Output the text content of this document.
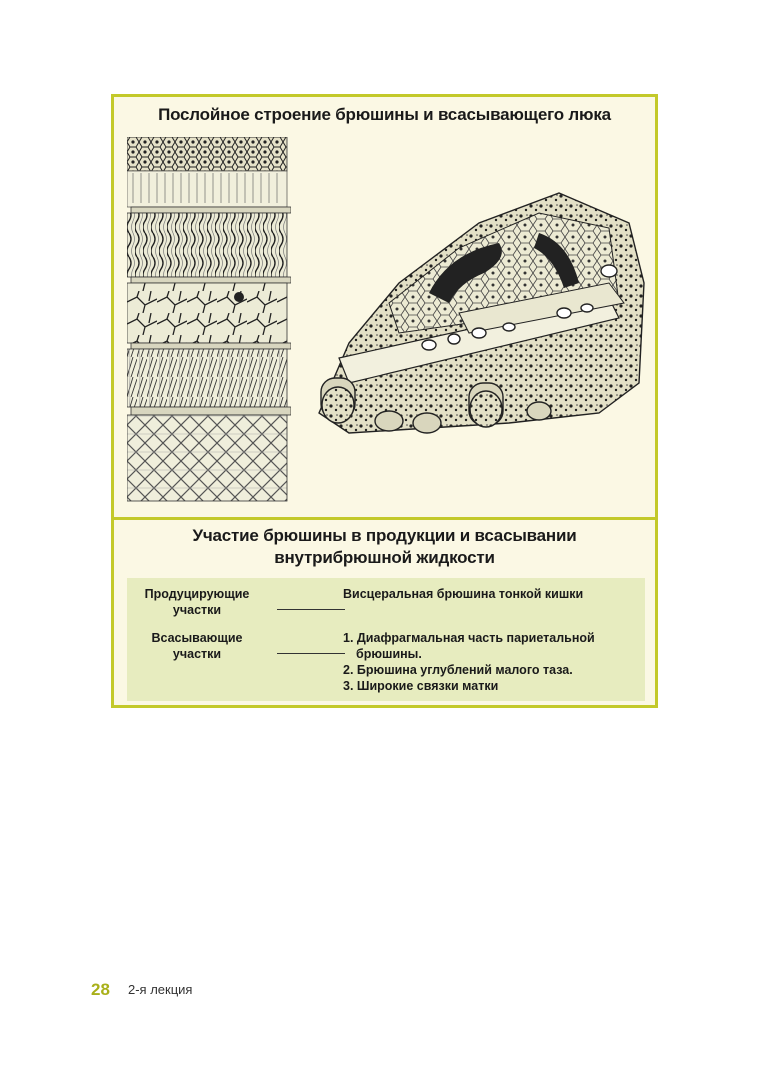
Послойное строение брюшины и всасывающего люка
Участие брюшины в продукции и всасывании внутрибрюшной жидкости
Продуцирующие участки
Висцеральная брюшина тонкой кишки
Всасывающие участки
1. Диафрагмальная часть париетальной брюшины.
2. Брюшина углублений малого таза.
3. Широкие связки матки
28 2-я лекция
